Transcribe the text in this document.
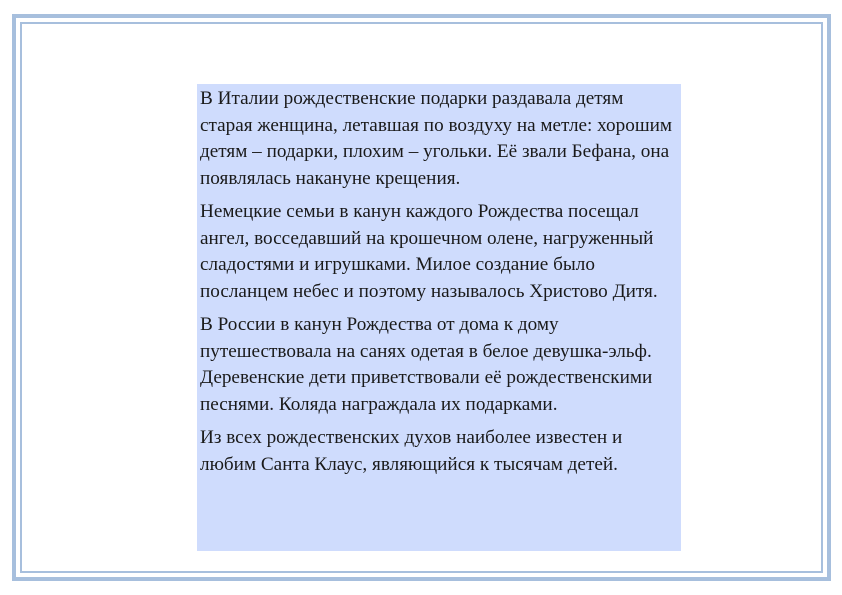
В Италии рождественские подарки раздавала детям старая женщина, летавшая по воздуху на метле: хорошим детям – подарки, плохим – угольки. Её звали Бефана, она появлялась накануне крещения.

Немецкие семьи в канун каждого Рождества посещал ангел, восседавший на крошечном олене, нагруженный сладостями и игрушками. Милое создание было посланцем небес и поэтому называлось Христово Дитя.

В России в канун Рождества от дома к дому путешествовала на санях одетая в белое девушка-эльф. Деревенские дети приветствовали её рождественскими песнями. Коляда награждала их подарками.

Из всех рождественских духов наиболее известен и любим Санта Клаус, являющийся к тысячам детей.
